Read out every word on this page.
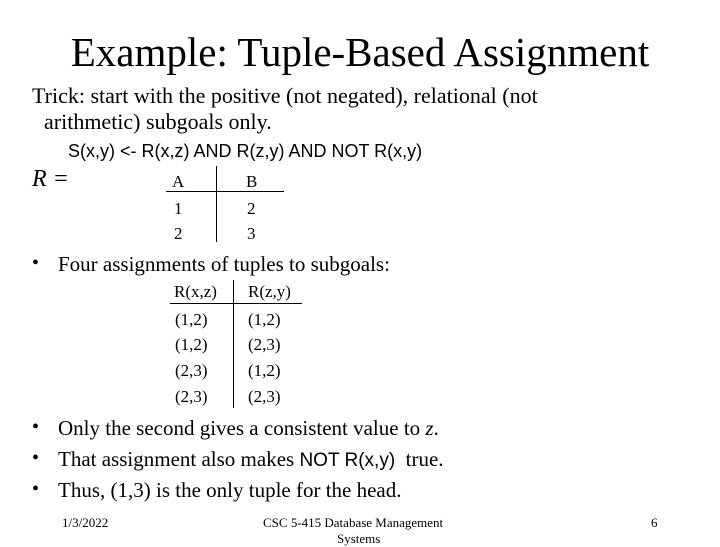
Example: Tuple-Based Assignment
Trick: start with the positive (not negated), relational (not
arithmetic) subgoals only.
S(x,y) <- R(x,z) AND R(z,y) AND NOT R(x,y)
R =	A	B
1	2
2	3
• Four assignments of tuples to subgoals:
R(x,z) R(z,y)
(1,2) (1,2)
(1,2) (2,3)
(2,3) (1,2)
(2,3) (2,3)
• Only the second gives a consistent value to z.
• That assignment also makes NOT R(x,y)  true.
• Thus, (1,3) is the only tuple for the head.
1/3/2022	CSC 5-415 Database Management
Systems
6
